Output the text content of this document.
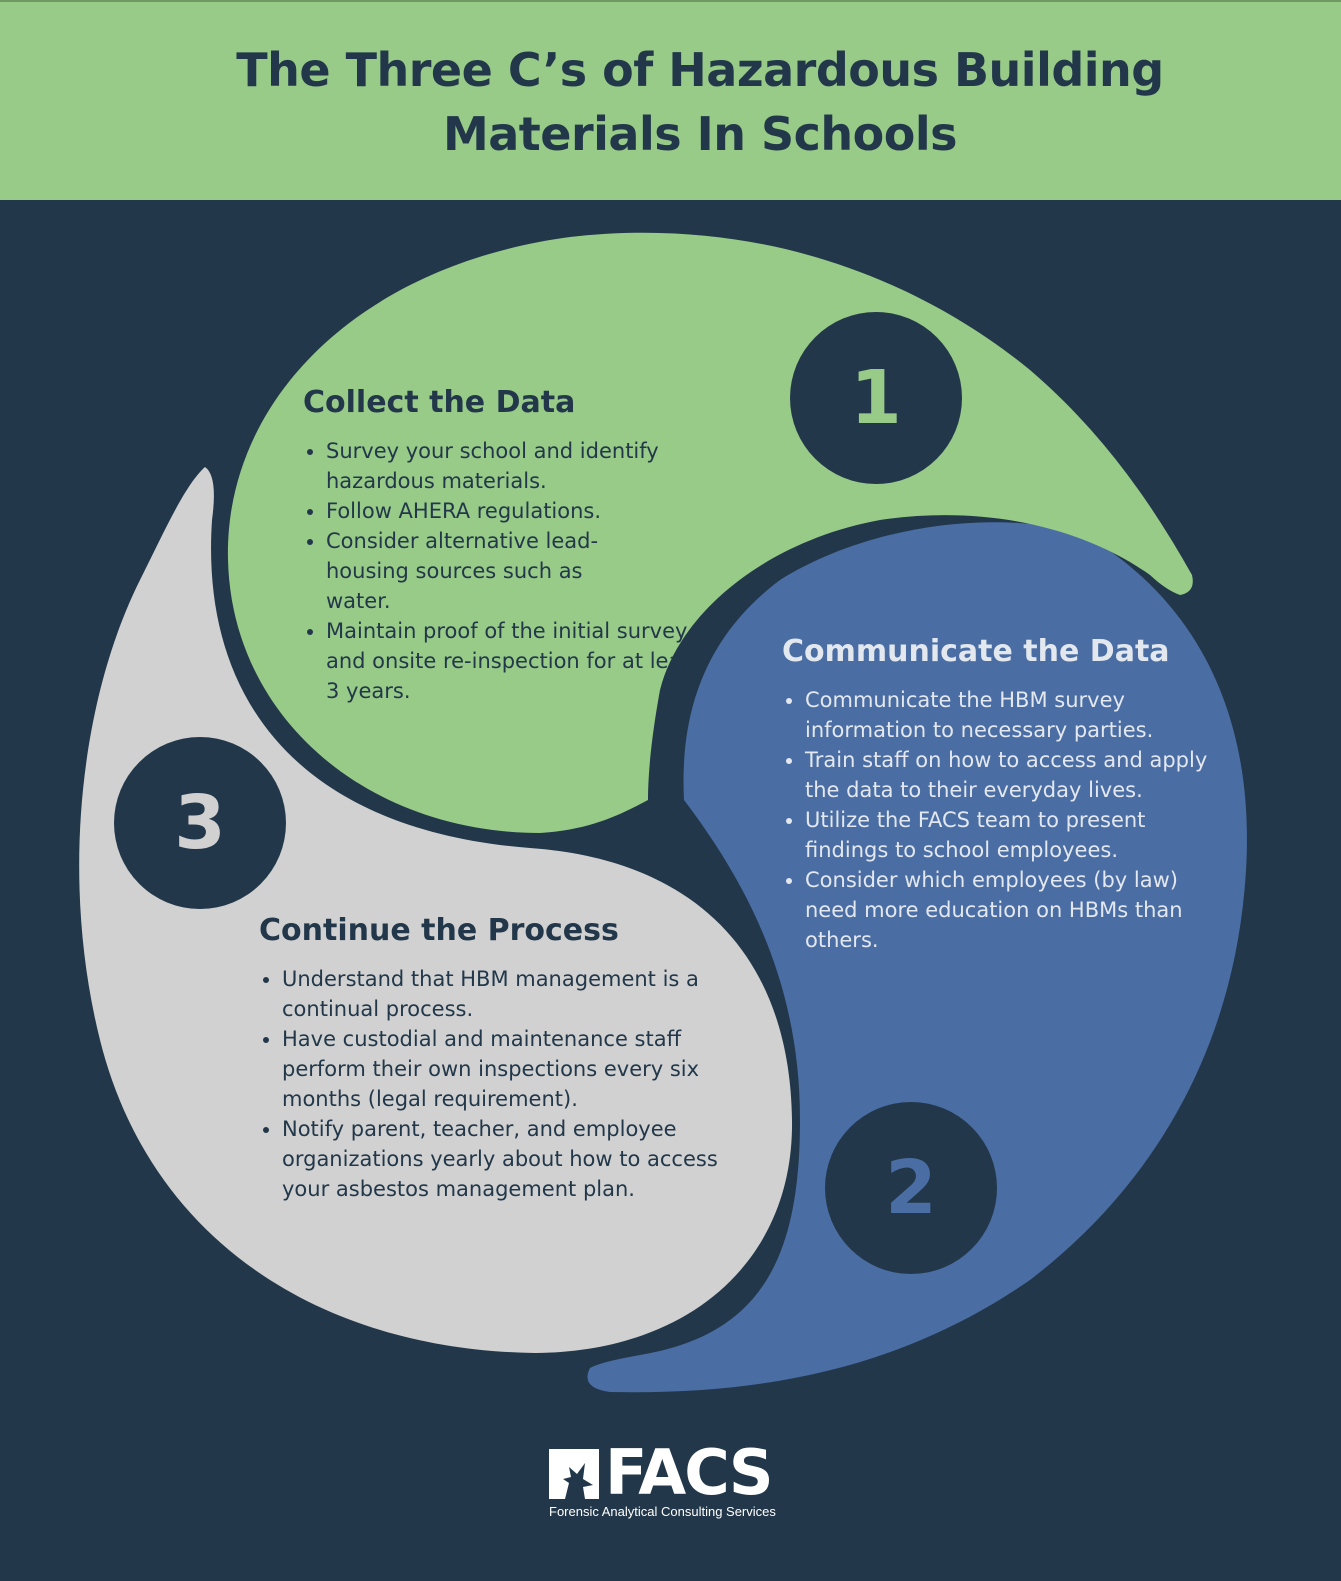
The Three C’s of Hazardous Building Materials In Schools
1
2
3
Collect the Data
• Survey your school and identify hazardous materials.
• Follow AHERA regulations.
• Consider alternative lead-housing sources such as water.
• Maintain proof of the initial survey and onsite re-inspection for at least 3 years.
Communicate the Data
• Communicate the HBM survey information to necessary parties.
• Train staff on how to access and apply the data to their everyday lives.
• Utilize the FACS team to present findings to school employees.
• Consider which employees (by law) need more education on HBMs than others.
Continue the Process
• Understand that HBM management is a continual process.
• Have custodial and maintenance staff perform their own inspections every six months (legal requirement).
• Notify parent, teacher, and employee organizations yearly about how to access your asbestos management plan.
FACS
Forensic Analytical Consulting Services
